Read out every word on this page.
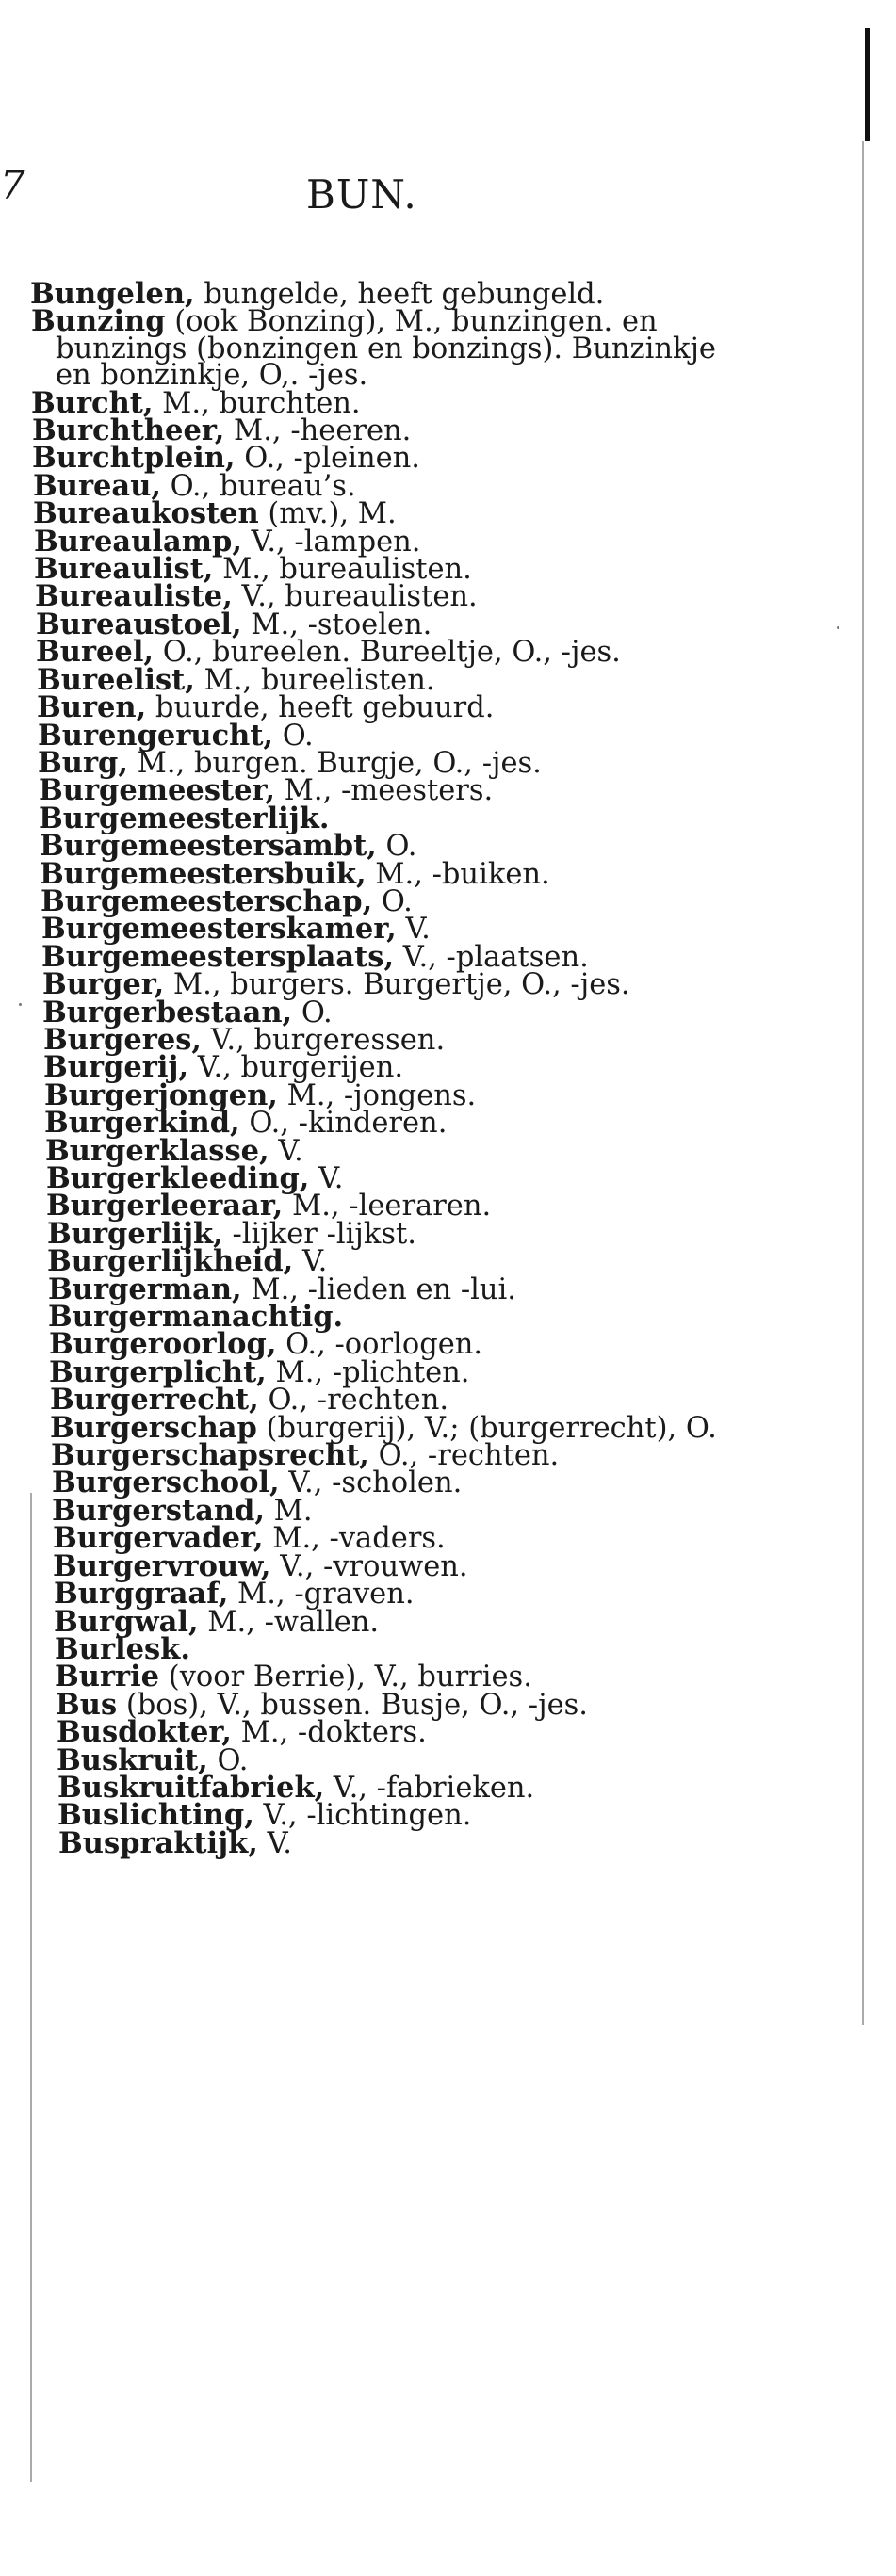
7	BUN.

Bungelen, bungelde, heeft gebungeld.

Bunzing (ook Bonzing), M., bunzingen. en bunzings (bonzingen en bonzings). Bunzinkje en bonzinkje, O,. -jes.

Burcht, M., burchten.

Burchtheer, M., -heeren.

Burchtplein, O., -pleinen.

Bureau, O., bureau’s.

Bureaukosten (mv.), M.

Bureaulamp, V., -lampen.

Bureaulist, M., bureaulisten.

Bureauliste, V., bureaulisten.

Bureaustoel, M., -stoelen.

Bureel, O., bureelen. Bureeltje, O., -jes.

Bureelist, M., bureelisten.

Buren, buurde, heeft gebuurd.

Burengerucht, O.

Burg, M., burgen. Burgje, O., -jes.

Burgemeester, M., -meesters.

Burgemeesterlijk.

Burgemeestersambt, O.

Burgemeestersbuik, M., -buiken.

Burgemeesterschap, O.

Burgemeesterskamer, V.

Burgemeestersplaats, V., -plaatsen.

Burger, M., burgers. Burgertje, O., -jes.

Burgerbestaan, O.

Burgeres, V., burgeressen.

Burgerij, V., burgerijen.

Burgerjongen, M., -jongens.

Burgerkind, O., -kinderen.

Burgerklasse, V.

Burgerkleeding, V.

Burgerleeraar, M., -leeraren.

Burgerlijk, -lijker -lijkst.

Burgerlijkheid, V.

Burgerman, M., -lieden en -lui.

Burgermanachtig.

Burgeroorlog, O., -oorlogen.

Burgerplicht, M., -plichten.

Burgerrecht, O., -rechten.

Burgerschap (burgerij), V.; (burgerrecht), O.

Burgerschapsrecht, O., -rechten.

Burgerschool, V., -scholen.

Burgerstand, M.

Burgervader, M., -vaders.

Burgervrouw, V., -vrouwen.

Burggraaf, M., -graven.

Burgwal, M., -wallen.

Burlesk.

Burrie (voor Berrie), V., burries.

Bus (bos), V., bussen. Busje, O., -jes.

Busdokter, M., -dokters.

Buskruit, O.

Buskruitfabriek, V., -fabrieken.

Buslichting, V., -lichtingen.

Buspraktijk, V.
